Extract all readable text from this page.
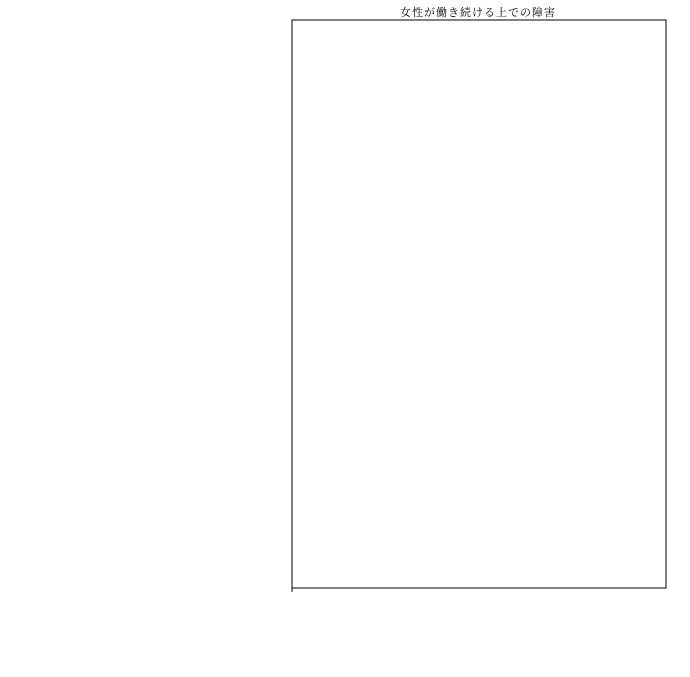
女性が働き続ける上での障害
